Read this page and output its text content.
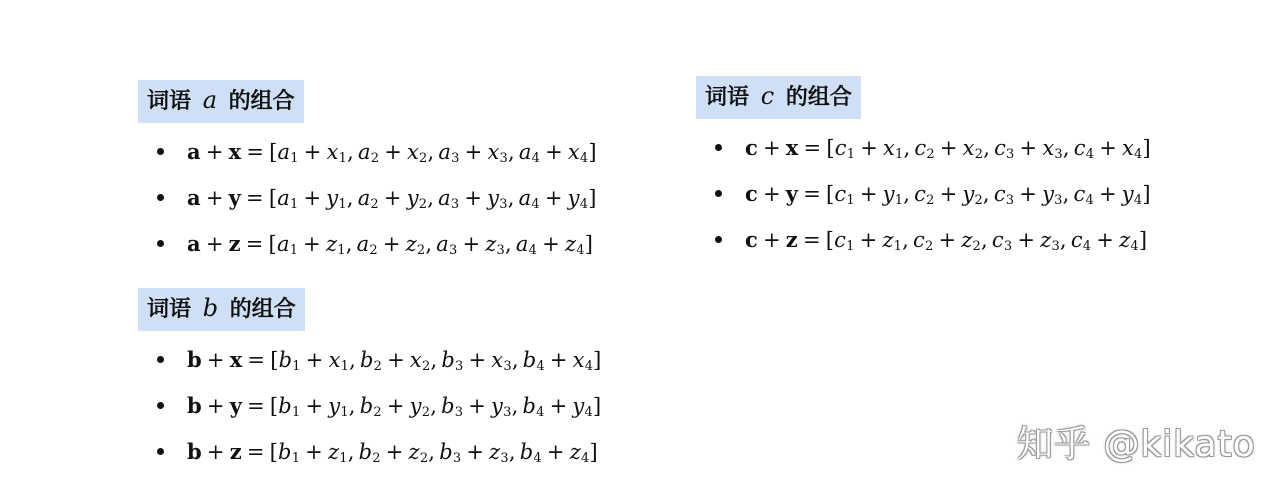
词语 a 的组合
$a + x = [a_1 + x_1$, $a_2 + x_2$, $a_3 + x_3$, $a_4 + x_4$]
$a + y = [a_1 + y_1$, $a_2 + y_2$, $a_3 + y_3$, $a_4 + y_4$]
$a + z = [a_1 + z_1$, $a_2 + z_2$, $a_3 + z_3$, $a_4 + z_4$]
词语 b 的组合
$b + x = [b_1 + x_1$, $b_2 + x_2$, $b_3 + x_3$, $b_4 + x_4$]
$b + y = [b_1 + y_1$, $b_2 + y_2$, $b_3 + y_3$, $b_4 + y_4$]
$b + z = [b_1 + z_1$, $b_2 + z_2$, $b_3 + z_3$, $b_4 + z_4$]
词语 c 的组合
$c + x = [c_1 + x_1$, $c_2 + x_2$, $c_3 + x_3$, $c_4 + x_4$]
$c + y = [c_1 + y_1$, $c_2 + y_2$, $c_3 + y_3$, $c_4 + y_4$]
$c + z = [c_1 + z_1$, $c_2 + z_2$, $c_3 + z_3$, $c_4 + z_4$]
知乎 @kikato
